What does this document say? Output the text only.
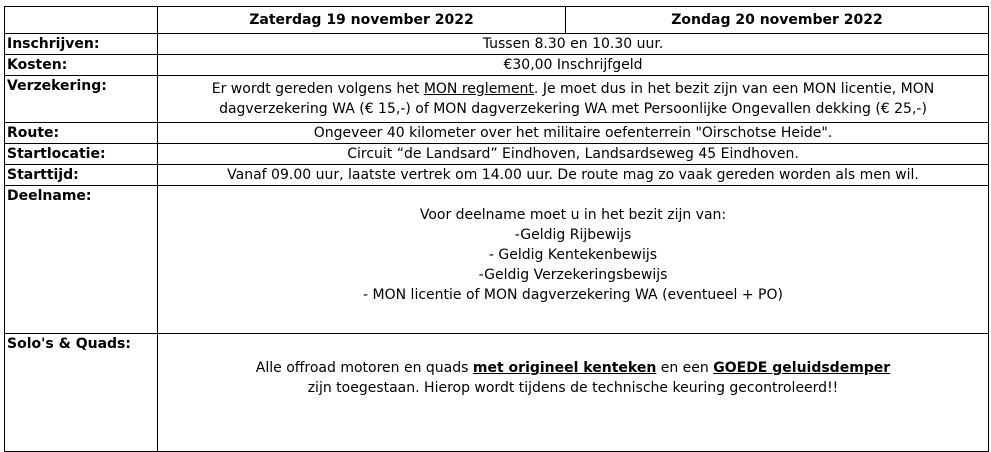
	Zaterdag 19 november 2022	Zondag 20 november 2022
Inschrijven:	Tussen 8.30 en 10.30 uur.	
Kosten:	€30,00 Inschrijfgeld	
Verzekering:	Er wordt gereden volgens het MON reglement. Je moet dus in het bezit zijn van een MON licentie, MON dagverzekering WA (€ 15,-) of MON dagverzekering WA met Persoonlijke Ongevallen dekking (€ 25,-)	
Route:	Ongeveer 40 kilometer over het militaire oefenterrein "Oirschotse Heide".	
Startlocatie:	Circuit “de Landsard” Eindhoven, Landsardseweg 45 Eindhoven.	
Starttijd:	Vanaf 09.00 uur, laatste vertrek om 14.00 uur. De route mag zo vaak gereden worden als men wil.	
Deelname:	Voor deelname moet u in het bezit zijn van:
-Geldig Rijbewijs
- Geldig Kentekenbewijs
-Geldig Verzekeringsbewijs
- MON licentie of MON dagverzekering WA (eventueel + PO)	

Solo's & Quads:	Alle offroad motoren en quads met origineel kenteken en een GOEDE geluidsdemper
zijn toegestaan. Hierop wordt tijdens de technische keuring gecontroleerd!!	
